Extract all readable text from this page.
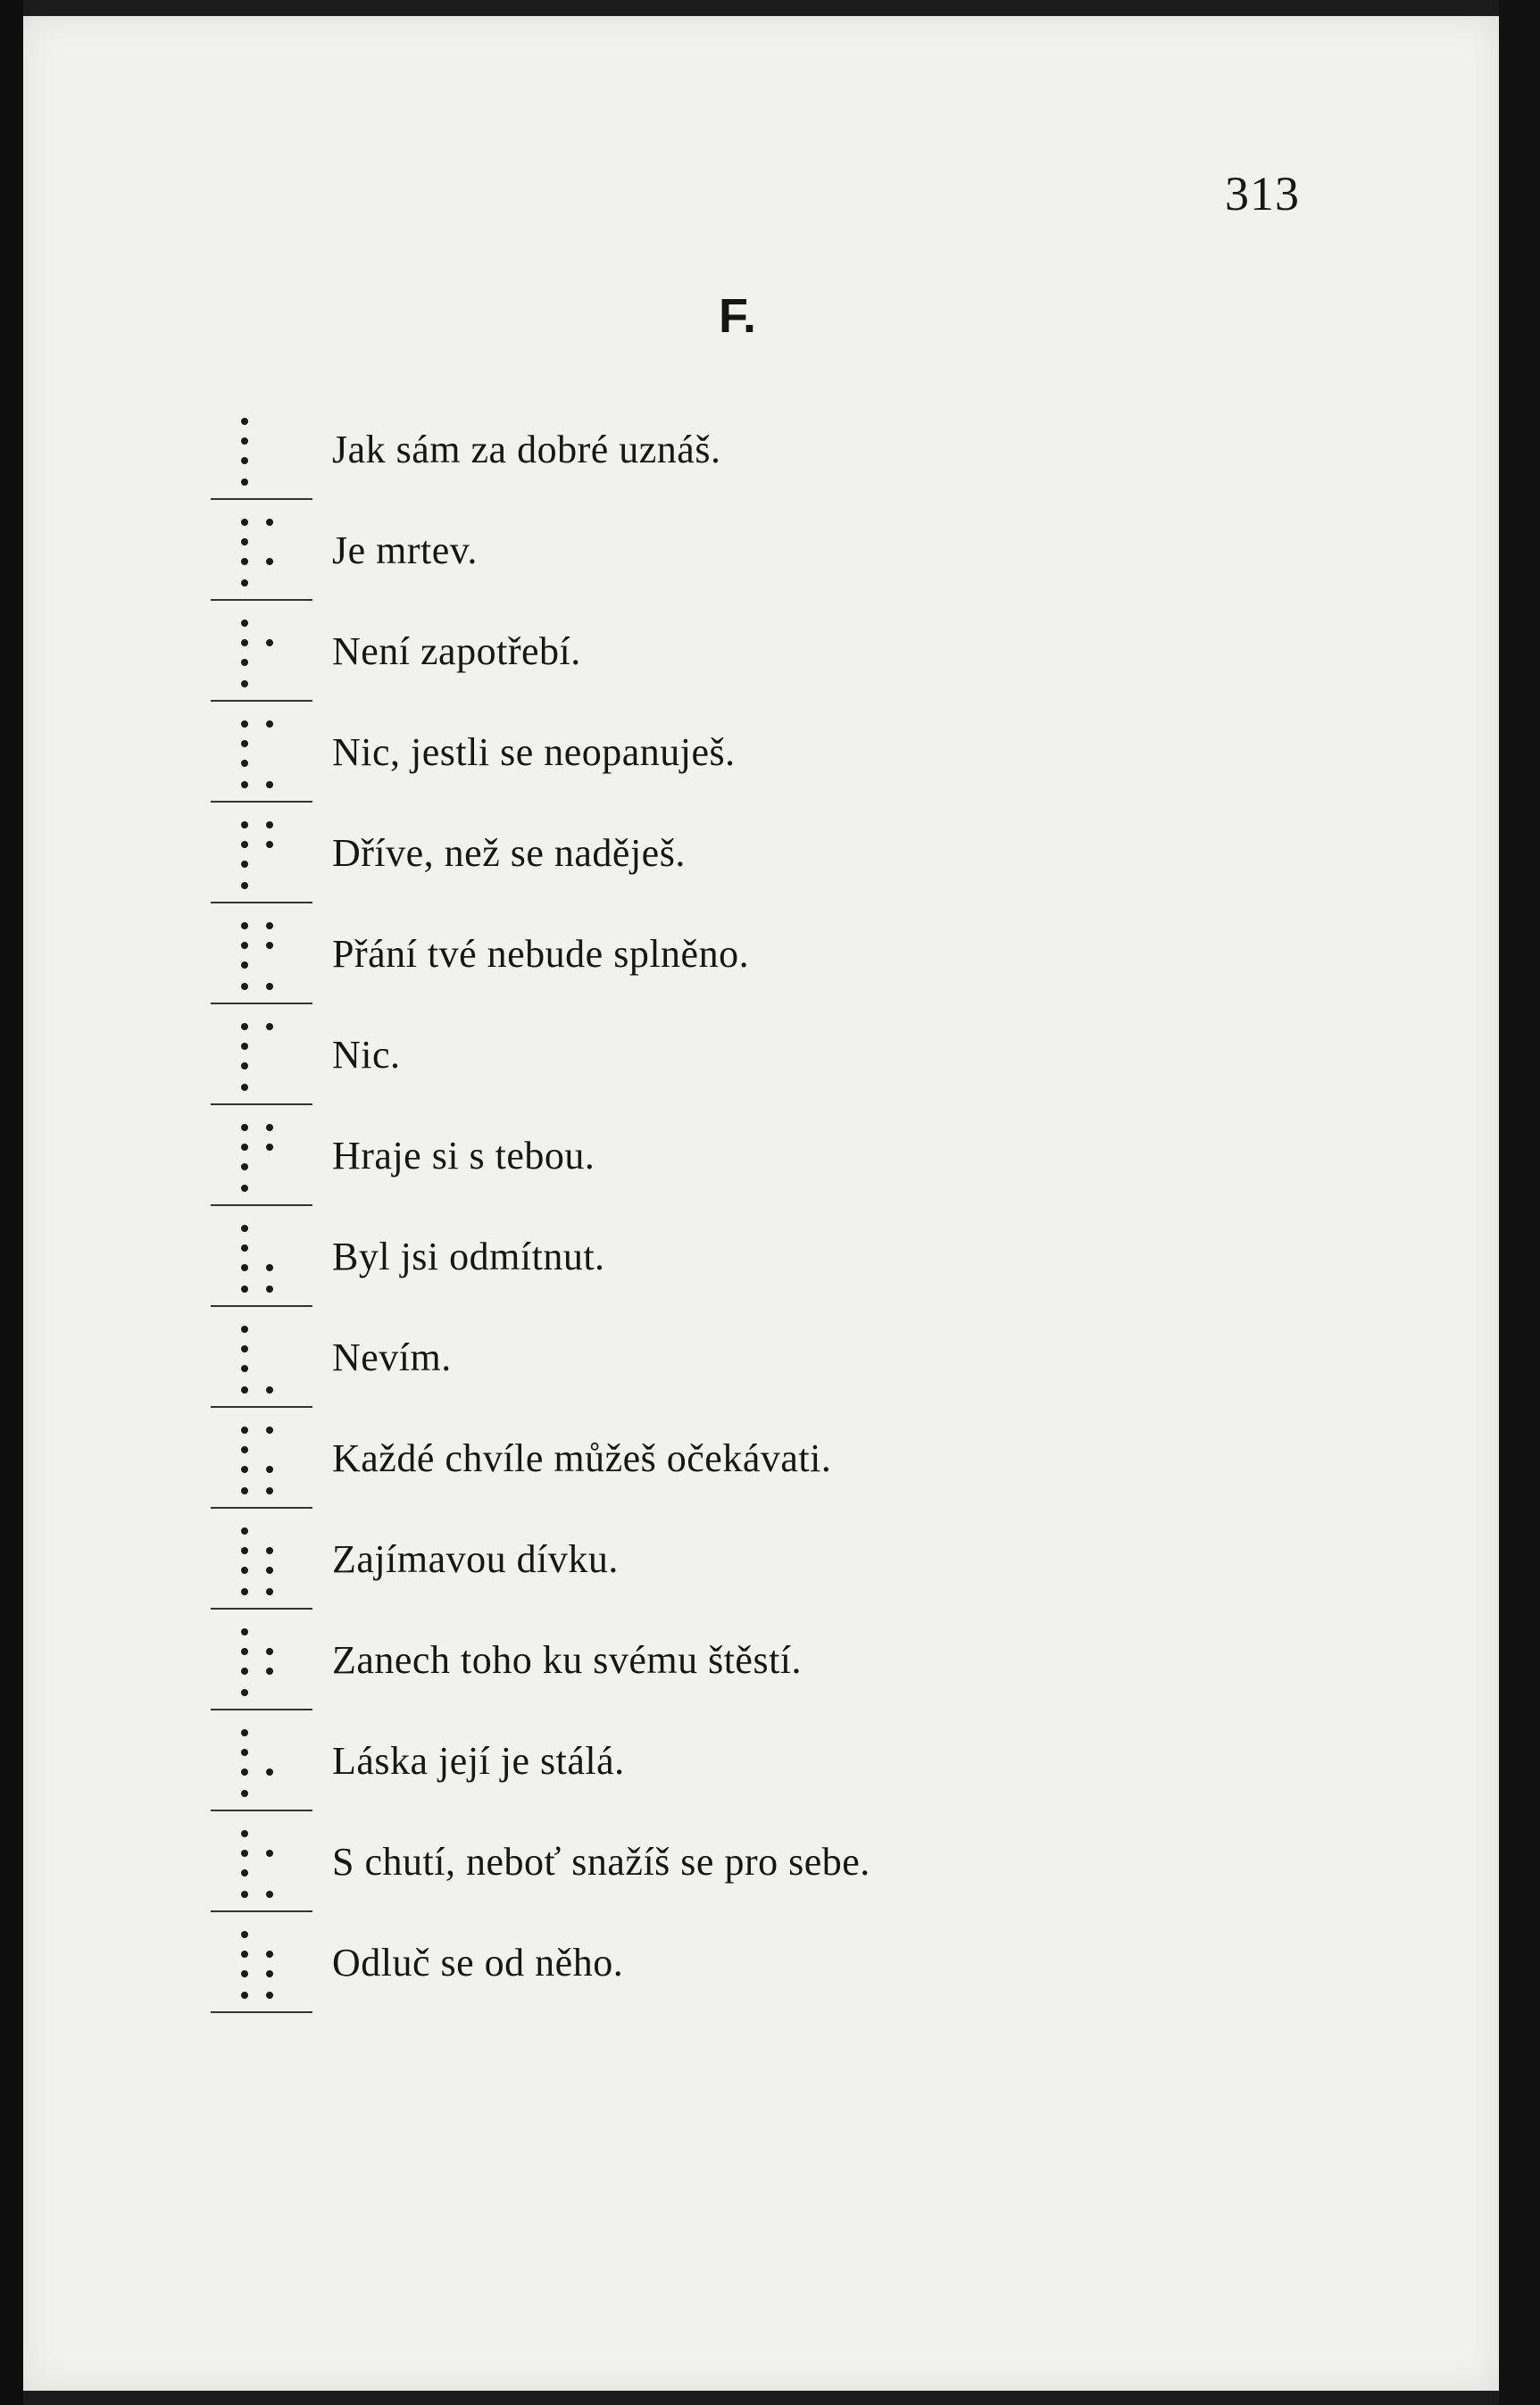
313
F.
Jak sám za dobré uznáš.
Je mrtev.
Není zapotřebí.
Nic, jestli se neopanuješ.
Dříve, než se naděješ.
Přání tvé nebude splněno.
Nic.
Hraje si s tebou.
Byl jsi odmítnut.
Nevím.
Každé chvíle můžeš očekávati.
Zajímavou dívku.
Zanech toho ku svému štěstí.
Láska její je stálá.
S chutí, neboť snažíš se pro sebe.
Odluč se od něho.
